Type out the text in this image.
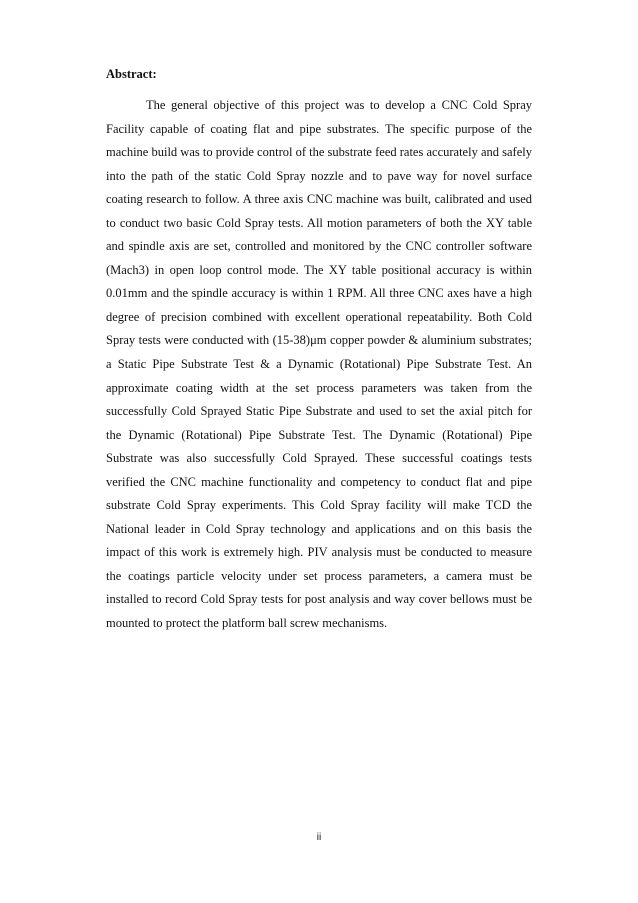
Abstract:

The general objective of this project was to develop a CNC Cold Spray Facility capable of coating flat and pipe substrates. The specific purpose of the machine build was to provide control of the substrate feed rates accurately and safely into the path of the static Cold Spray nozzle and to pave way for novel surface coating research to follow. A three axis CNC machine was built, calibrated and used to conduct two basic Cold Spray tests. All motion parameters of both the XY table and spindle axis are set, controlled and monitored by the CNC controller software (Mach3) in open loop control mode. The XY table positional accuracy is within 0.01mm and the spindle accuracy is within 1 RPM. All three CNC axes have a high degree of precision combined with excellent operational repeatability. Both Cold Spray tests were conducted with (15-38)μm copper powder & aluminium substrates; a Static Pipe Substrate Test & a Dynamic (Rotational) Pipe Substrate Test. An approximate coating width at the set process parameters was taken from the successfully Cold Sprayed Static Pipe Substrate and used to set the axial pitch for the Dynamic (Rotational) Pipe Substrate Test. The Dynamic (Rotational) Pipe Substrate was also successfully Cold Sprayed. These successful coatings tests verified the CNC machine functionality and competency to conduct flat and pipe substrate Cold Spray experiments. This Cold Spray facility will make TCD the National leader in Cold Spray technology and applications and on this basis the impact of this work is extremely high. PIV analysis must be conducted to measure the coatings particle velocity under set process parameters, a camera must be installed to record Cold Spray tests for post analysis and way cover bellows must be mounted to protect the platform ball screw mechanisms.

ii
